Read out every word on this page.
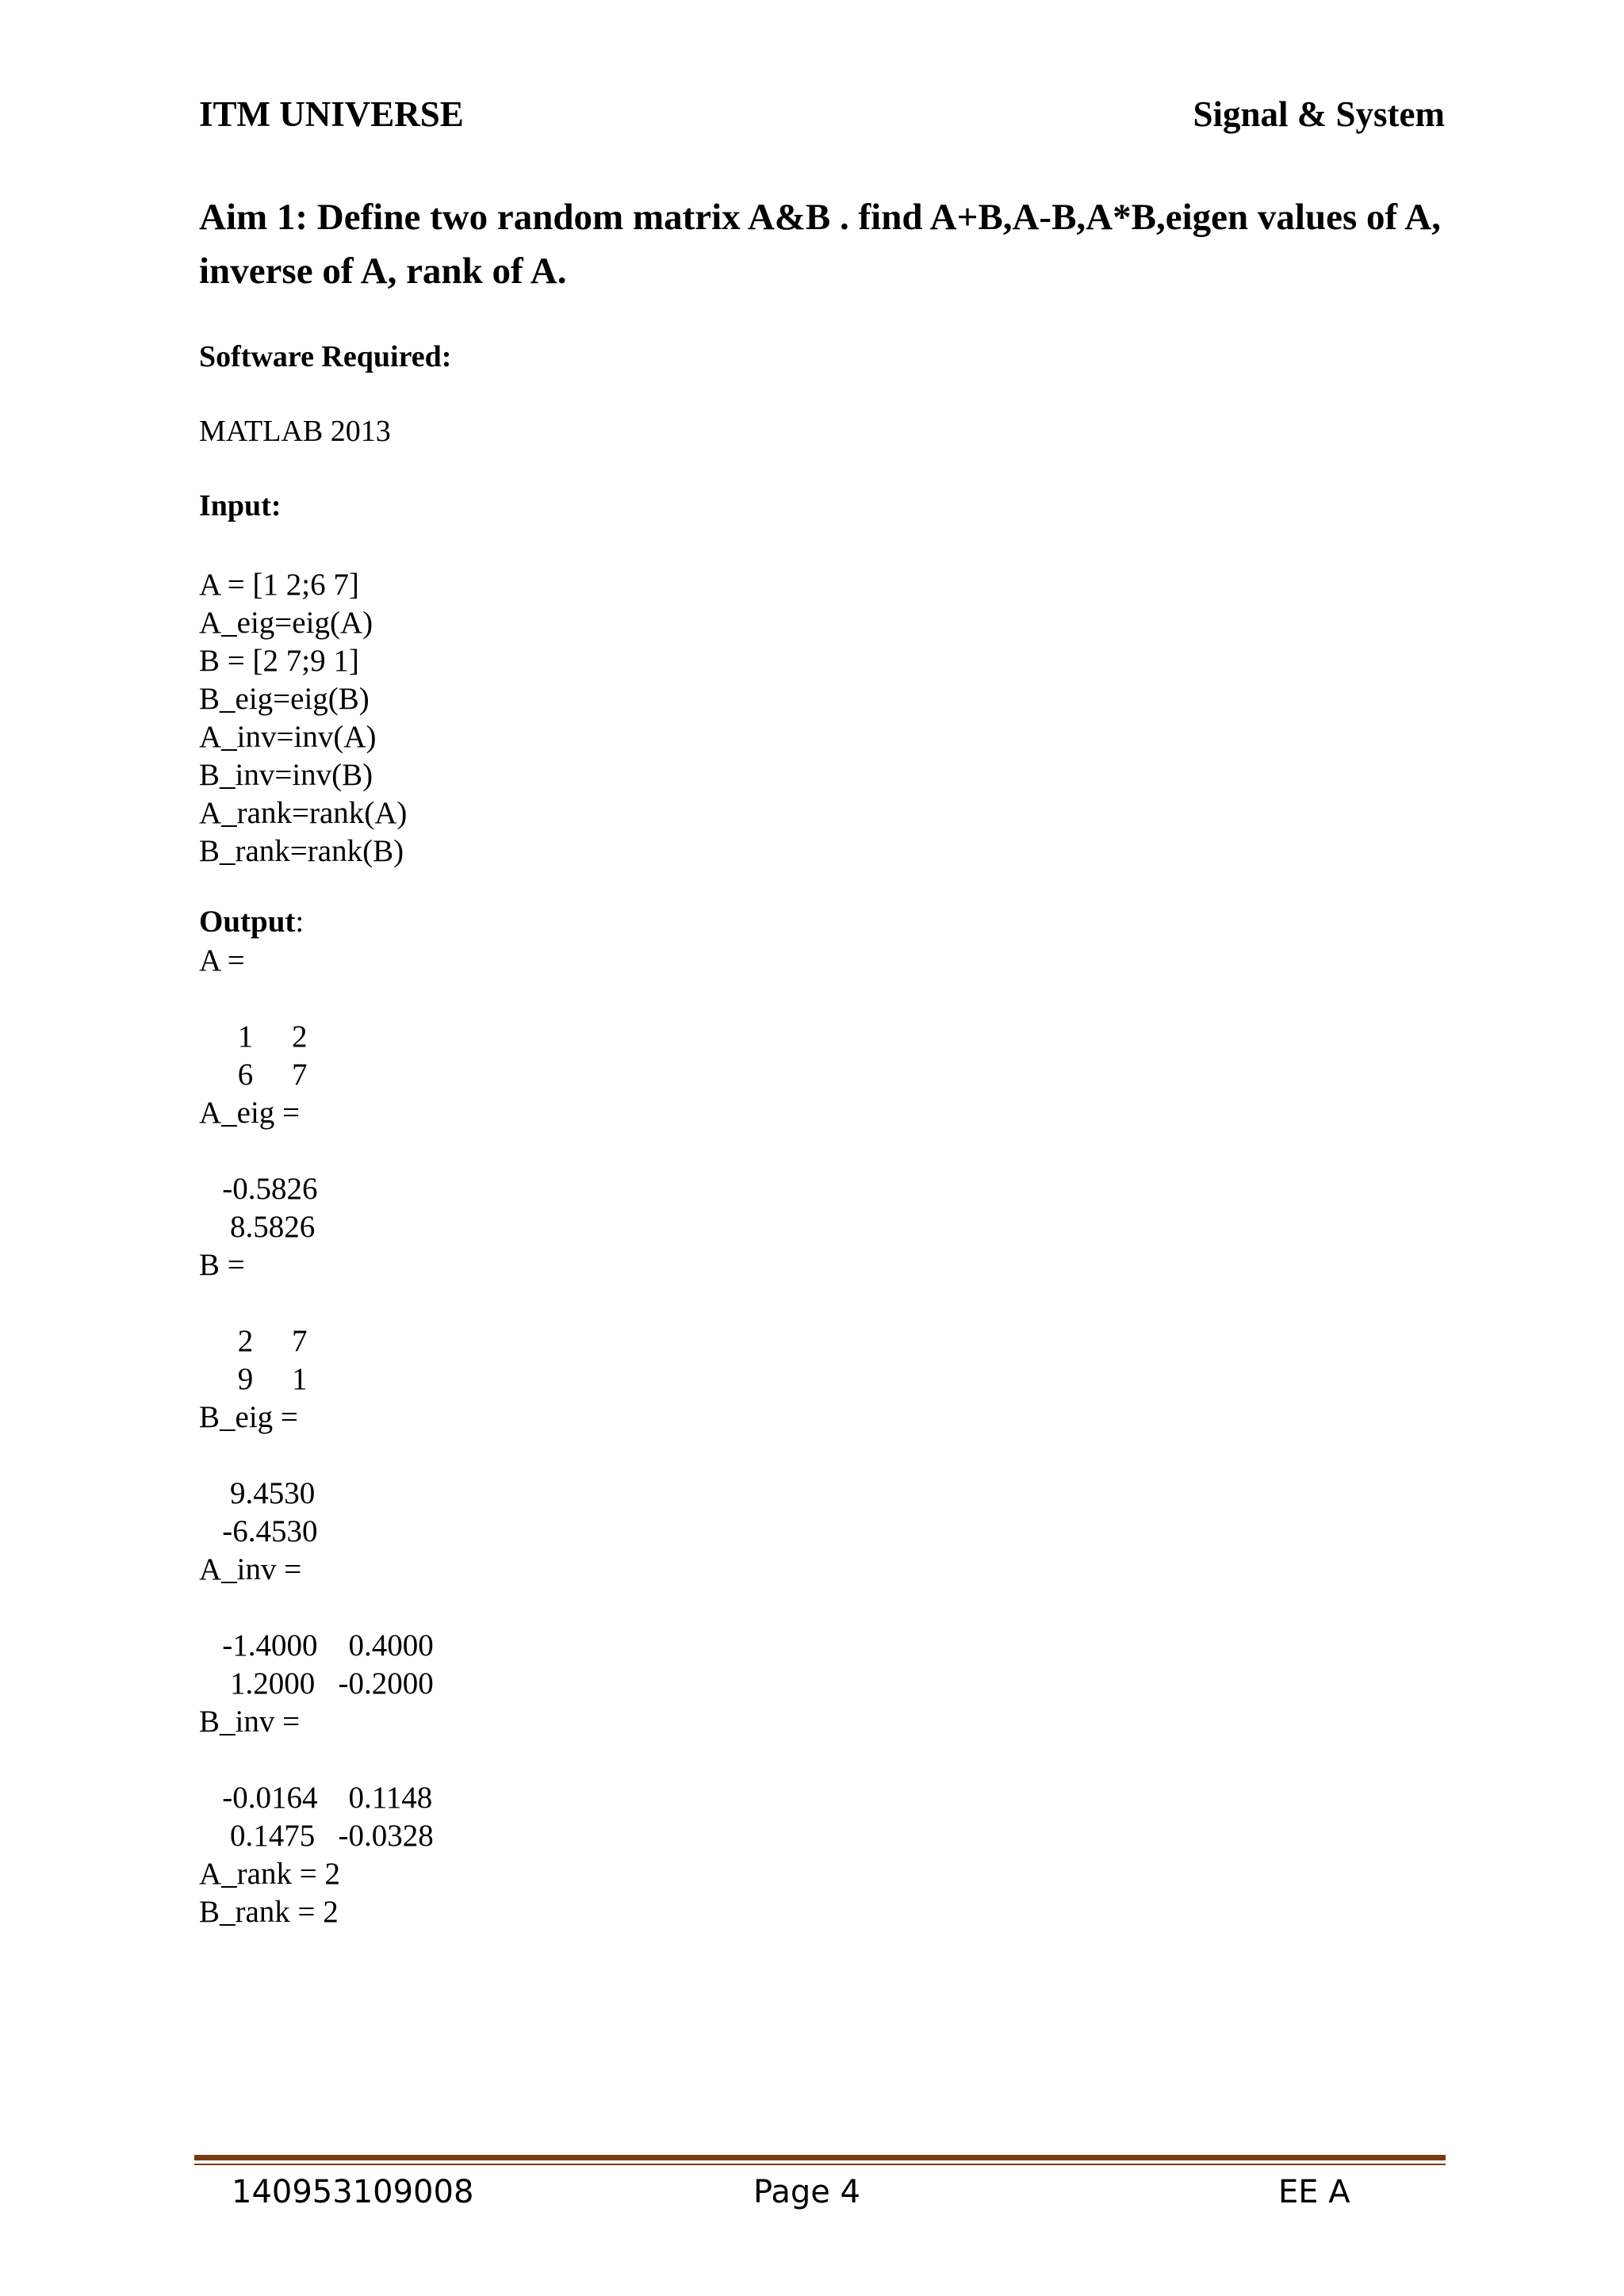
ITM UNIVERSE	Signal & System
Aim 1: Define two random matrix A&B . find A+B,A-B,A*B,eigen values of A, inverse of A, rank of A.
Software Required:
MATLAB 2013
Input:
A = [1 2;6 7]
A_eig=eig(A)
B = [2 7;9 1]
B_eig=eig(B)
A_inv=inv(A)
B_inv=inv(B)
A_rank=rank(A)
B_rank=rank(B)
Output:
A =
1     2
6     7
A_eig =
-0.5826
8.5826
B =
2     7
9     1
B_eig =
9.4530
-6.4530
A_inv =
-1.4000    0.4000
1.2000   -0.2000
B_inv =
-0.0164    0.1148
0.1475   -0.0328
A_rank = 2
B_rank = 2
140953109008	Page 4	EE A
